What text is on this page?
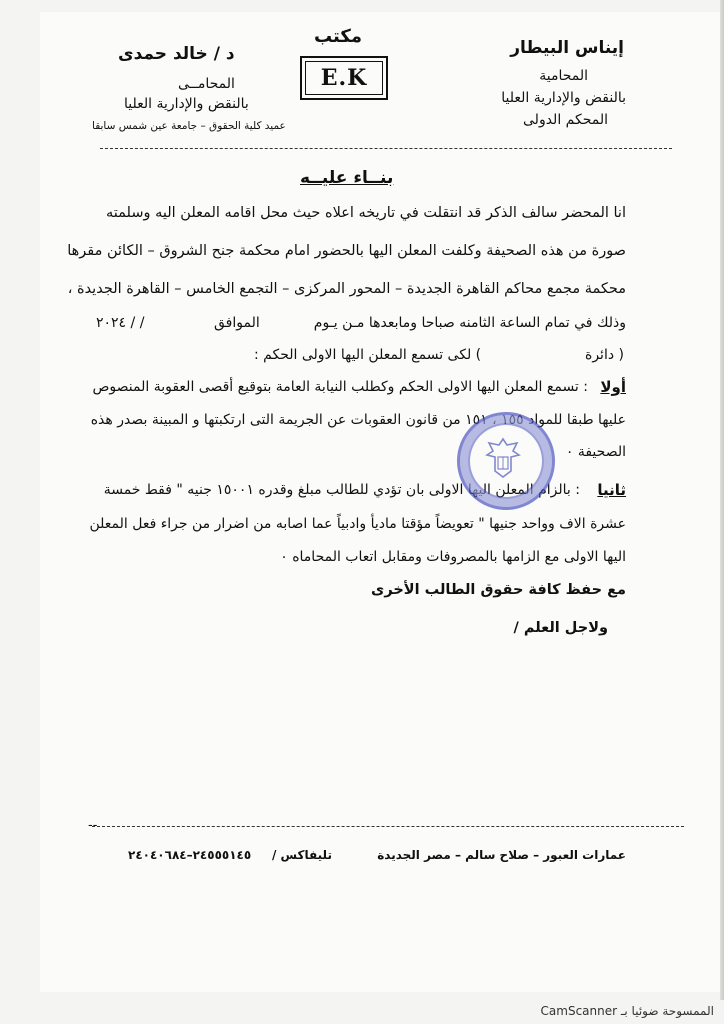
مكتب
E.K
إيناس البيطار
المحامية
بالنقض والإدارية العليا
المحكم الدولى
د / خالد حمدى
المحامــى
بالنقض والإدارية العليا
عميد كلية الحقوق – جامعة عين شمس سابقا
بنــاء عليــه
انا المحضر سالف الذكر قد انتقلت في تاريخه اعلاه حيث محل اقامه المعلن اليه وسلمته
صورة من هذه الصحيفة وكلفت المعلن اليها بالحضور امام محكمة جنح الشروق – الكائن مقرها
محكمة مجمع محاكم القاهرة الجديدة – المحور المركزى – التجمع الخامس – القاهرة الجديدة ،
وذلك في تمام الساعة الثامنه صباحا ومابعدها مـن يـوم
الموافق
/ / ٢٠٢٤
( دائرة
) لكى تسمع المعلن اليها الاولى الحكم :
أولا
: تسمع المعلن اليها الاولى الحكم وكطلب النيابة العامة بتوقيع أقصى العقوبة المنصوص
عليها طبقا للمواد ١٥٥ ، ١٥١ من قانون العقوبات عن الجريمة التى ارتكبتها و المبينة بصدر هذه
الصحيفة ٠
ثانيا
: بالزام المعلن اليها الاولى بان تؤدي للطالب مبلغ وقدره ١٥٠٠١ جنيه " فقط خمسة
عشرة الاف وواحد جنيها " تعويضاً مؤقتا ماديأ وادبياً عما اصابه من اضرار من جراء فعل المعلن
اليها الاولى مع الزامها بالمصروفات ومقابل اتعاب المحاماه ٠
مع حفظ كافة حقوق الطالب الأخرى
ولاجل العلم /
--
عمارات العبور – صلاح سالم – مصر الجديدة
تليفاكس /
٢٤٥٥٥١٤٥–٢٤٠٤٠٦٨٤
الممسوحة ضوئيا بـ CamScanner
